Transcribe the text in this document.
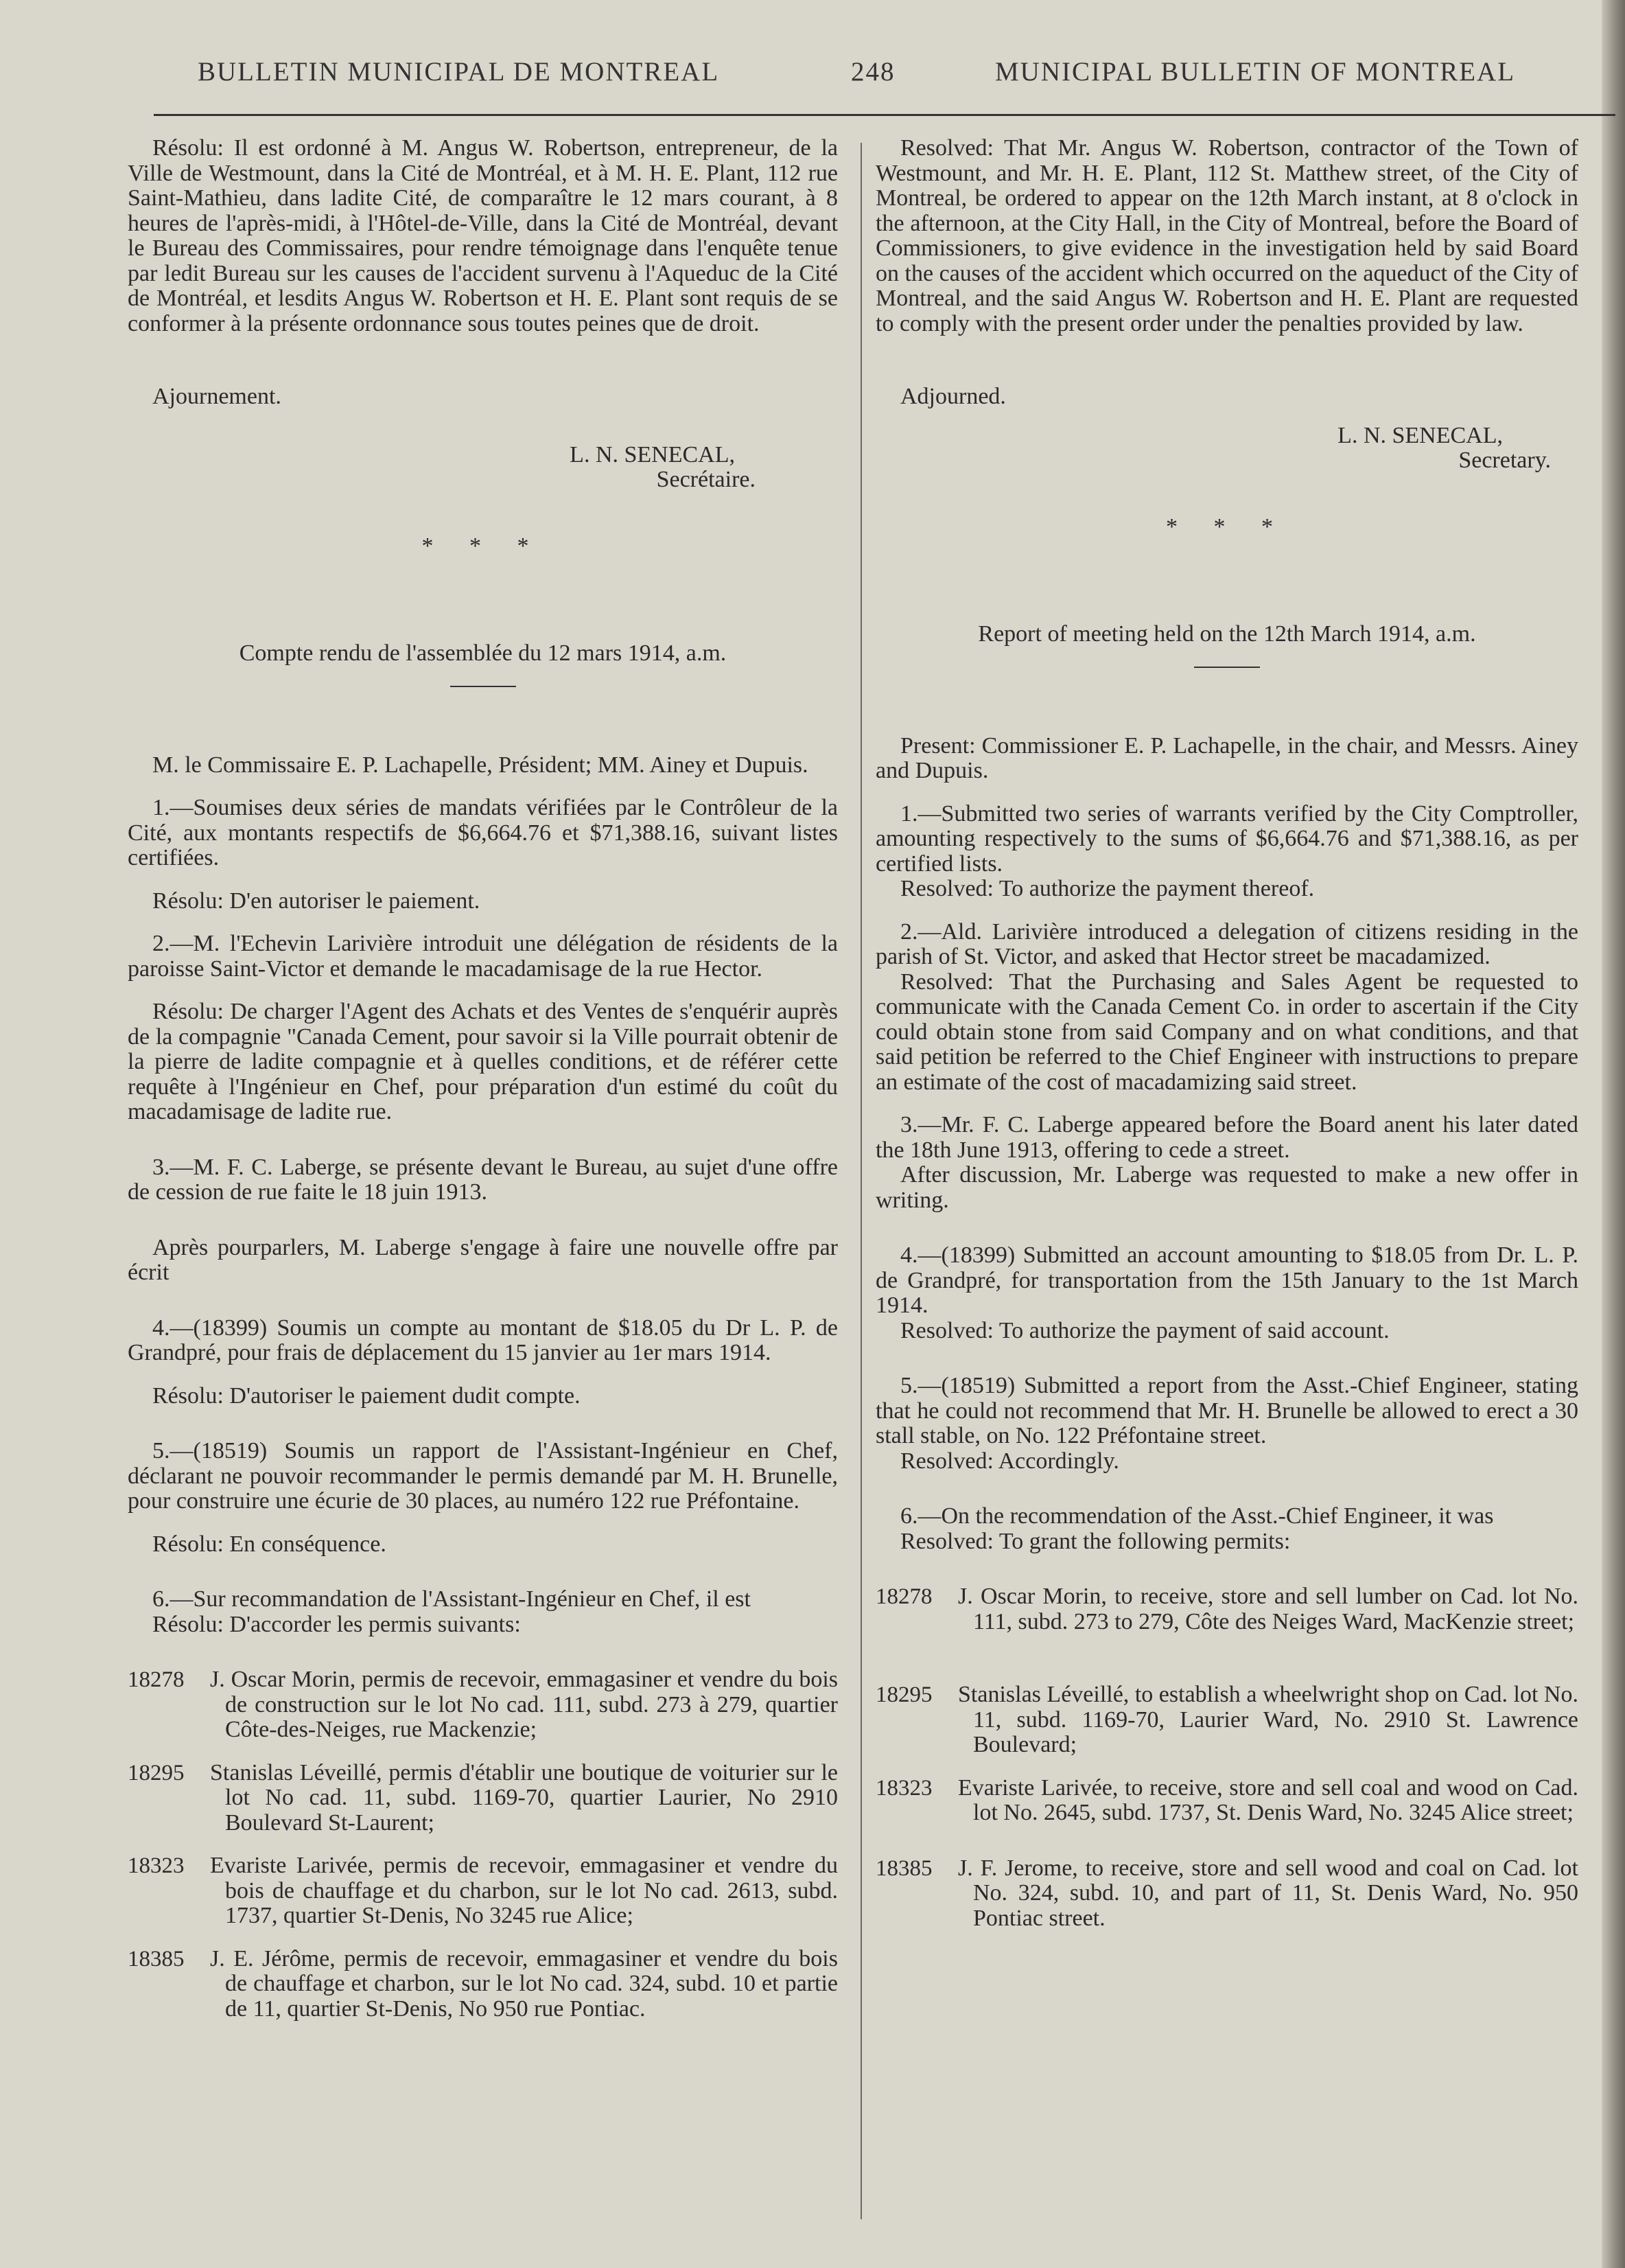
BULLETIN MUNICIPAL DE MONTREAL	248	MUNICIPAL BULLETIN OF MONTREAL

Résolu: Il est ordonné à M. Angus W. Robertson, entrepreneur, de la Ville de Westmount, dans la Cité de Montréal, et à M. H. E. Plant, 112 rue Saint-Mathieu, dans ladite Cité, de comparaître le 12 mars courant, à 8 heures de l'après-midi, à l'Hôtel-de-Ville, dans la Cité de Montréal, devant le Bureau des Commissaires, pour rendre témoignage dans l'enquête tenue par ledit Bureau sur les causes de l'accident survenu à l'Aqueduc de la Cité de Montréal, et lesdits Angus W. Robertson et H. E. Plant sont requis de se conformer à la présente ordonnance sous toutes peines que de droit.

Ajournement.

L. N. SENECAL,
Secrétaire.
* * *
Compte rendu de l'assemblée du 12 mars 1914, a.m.

M. le Commissaire E. P. Lachapelle, Président; MM. Ainey et Dupuis.

1.—Soumises deux séries de mandats vérifiées par le Contrôleur de la Cité, aux montants respectifs de $6,664.76 et $71,388.16, suivant listes certifiées.

Résolu: D'en autoriser le paiement.

2.—M. l'Echevin Larivière introduit une délégation de résidents de la paroisse Saint-Victor et demande le macadamisage de la rue Hector.

Résolu: De charger l'Agent des Achats et des Ventes de s'enquérir auprès de la compagnie "Canada Cement, pour savoir si la Ville pourrait obtenir de la pierre de ladite compagnie et à quelles conditions, et de référer cette requête à l'Ingénieur en Chef, pour préparation d'un estimé du coût du macadamisage de ladite rue.

3.—M. F. C. Laberge, se présente devant le Bureau, au sujet d'une offre de cession de rue faite le 18 juin 1913.

Après pourparlers, M. Laberge s'engage à faire une nouvelle offre par écrit

4.—(18399) Soumis un compte au montant de $18.05 du Dr L. P. de Grandpré, pour frais de déplacement du 15 janvier au 1er mars 1914.

Résolu: D'autoriser le paiement dudit compte.

5.—(18519) Soumis un rapport de l'Assistant-Ingénieur en Chef, déclarant ne pouvoir recommander le permis demandé par M. H. Brunelle, pour construire une écurie de 30 places, au numéro 122 rue Préfontaine.

Résolu: En conséquence.

6.—Sur recommandation de l'Assistant-Ingénieur en Chef, il est

Résolu: D'accorder les permis suivants:

18278	J. Oscar Morin, permis de recevoir, emmagasiner et vendre du bois de construction sur le lot No cad. 111, subd. 273 à 279, quartier Côte-des-Neiges, rue Mackenzie;
18295	Stanislas Léveillé, permis d'établir une boutique de voiturier sur le lot No cad. 11, subd. 1169-70, quartier Laurier, No 2910 Boulevard St-Laurent;
18323	Evariste Larivée, permis de recevoir, emmagasiner et vendre du bois de chauffage et du charbon, sur le lot No cad. 2613, subd. 1737, quartier St-Denis, No 3245 rue Alice;
18385	J. E. Jérôme, permis de recevoir, emmagasiner et vendre du bois de chauffage et charbon, sur le lot No cad. 324, subd. 10 et partie de 11, quartier St-Denis, No 950 rue Pontiac.

Resolved: That Mr. Angus W. Robertson, contractor of the Town of Westmount, and Mr. H. E. Plant, 112 St. Matthew street, of the City of Montreal, be ordered to appear on the 12th March instant, at 8 o'clock in the afternoon, at the City Hall, in the City of Montreal, before the Board of Commissioners, to give evidence in the investigation held by said Board on the causes of the accident which occurred on the aqueduct of the City of Montreal, and the said Angus W. Robertson and H. E. Plant are requested to comply with the present order under the penalties provided by law.

Adjourned.

L. N. SENECAL,
Secretary.
* * *
Report of meeting held on the 12th March 1914, a.m.

Present: Commissioner E. P. Lachapelle, in the chair, and Messrs. Ainey and Dupuis.

1.—Submitted two series of warrants verified by the City Comptroller, amounting respectively to the sums of $6,664.76 and $71,388.16, as per certified lists.

Resolved: To authorize the payment thereof.

2.—Ald. Larivière introduced a delegation of citizens residing in the parish of St. Victor, and asked that Hector street be macadamized.

Resolved: That the Purchasing and Sales Agent be requested to communicate with the Canada Cement Co. in order to ascertain if the City could obtain stone from said Company and on what conditions, and that said petition be referred to the Chief Engineer with instructions to prepare an estimate of the cost of macadamizing said street.

3.—Mr. F. C. Laberge appeared before the Board anent his later dated the 18th June 1913, offering to cede a street.

After discussion, Mr. Laberge was requested to make a new offer in writing.

4.—(18399) Submitted an account amounting to $18.05 from Dr. L. P. de Grandpré, for transportation from the 15th January to the 1st March 1914.

Resolved: To authorize the payment of said account.

5.—(18519) Submitted a report from the Asst.-Chief Engineer, stating that he could not recommend that Mr. H. Brunelle be allowed to erect a 30 stall stable, on No. 122 Préfontaine street.

Resolved: Accordingly.

6.—On the recommendation of the Asst.-Chief Engineer, it was

Resolved: To grant the following permits:

18278	J. Oscar Morin, to receive, store and sell lumber on Cad. lot No. 111, subd. 273 to 279, Côte des Neiges Ward, MacKenzie street;
18295	Stanislas Léveillé, to establish a wheelwright shop on Cad. lot No. 11, subd. 1169-70, Laurier Ward, No. 2910 St. Lawrence Boulevard;
18323	Evariste Larivée, to receive, store and sell coal and wood on Cad. lot No. 2645, subd. 1737, St. Denis Ward, No. 3245 Alice street;
18385	J. F. Jerome, to receive, store and sell wood and coal on Cad. lot No. 324, subd. 10, and part of 11, St. Denis Ward, No. 950 Pontiac street.
